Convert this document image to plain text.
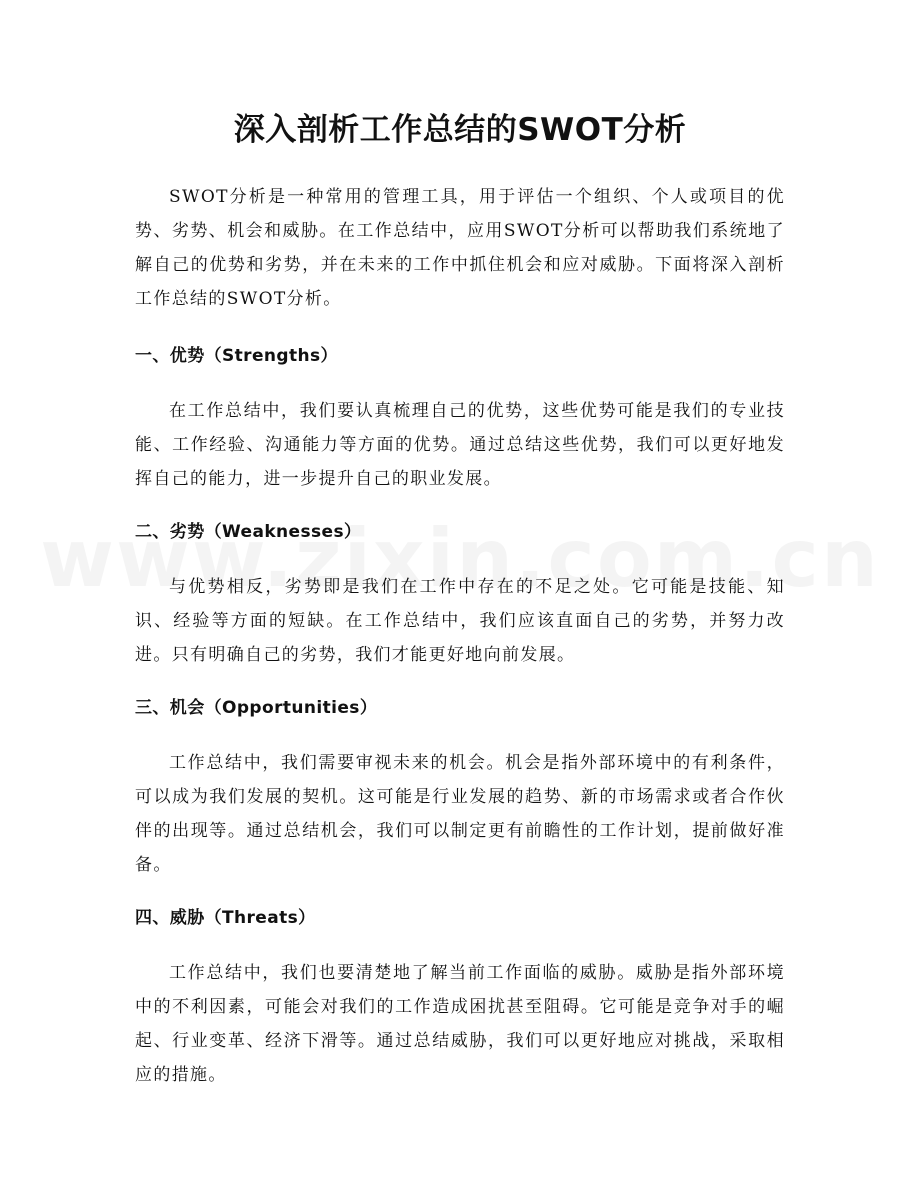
深入剖析工作总结的SWOT分析

SWOT分析是一种常用的管理工具，用于评估一个组织、个人或项目的优势、劣势、机会和威胁。在工作总结中，应用SWOT分析可以帮助我们系统地了解自己的优势和劣势，并在未来的工作中抓住机会和应对威胁。下面将深入剖析工作总结的SWOT分析。

一、优势（Strengths）

在工作总结中，我们要认真梳理自己的优势，这些优势可能是我们的专业技能、工作经验、沟通能力等方面的优势。通过总结这些优势，我们可以更好地发挥自己的能力，进一步提升自己的职业发展。

二、劣势（Weaknesses）

与优势相反，劣势即是我们在工作中存在的不足之处。它可能是技能、知识、经验等方面的短缺。在工作总结中，我们应该直面自己的劣势，并努力改进。只有明确自己的劣势，我们才能更好地向前发展。

三、机会（Opportunities）

工作总结中，我们需要审视未来的机会。机会是指外部环境中的有利条件，可以成为我们发展的契机。这可能是行业发展的趋势、新的市场需求或者合作伙伴的出现等。通过总结机会，我们可以制定更有前瞻性的工作计划，提前做好准备。

四、威胁（Threats）

工作总结中，我们也要清楚地了解当前工作面临的威胁。威胁是指外部环境中的不利因素，可能会对我们的工作造成困扰甚至阻碍。它可能是竞争对手的崛起、行业变革、经济下滑等。通过总结威胁，我们可以更好地应对挑战，采取相应的措施。
